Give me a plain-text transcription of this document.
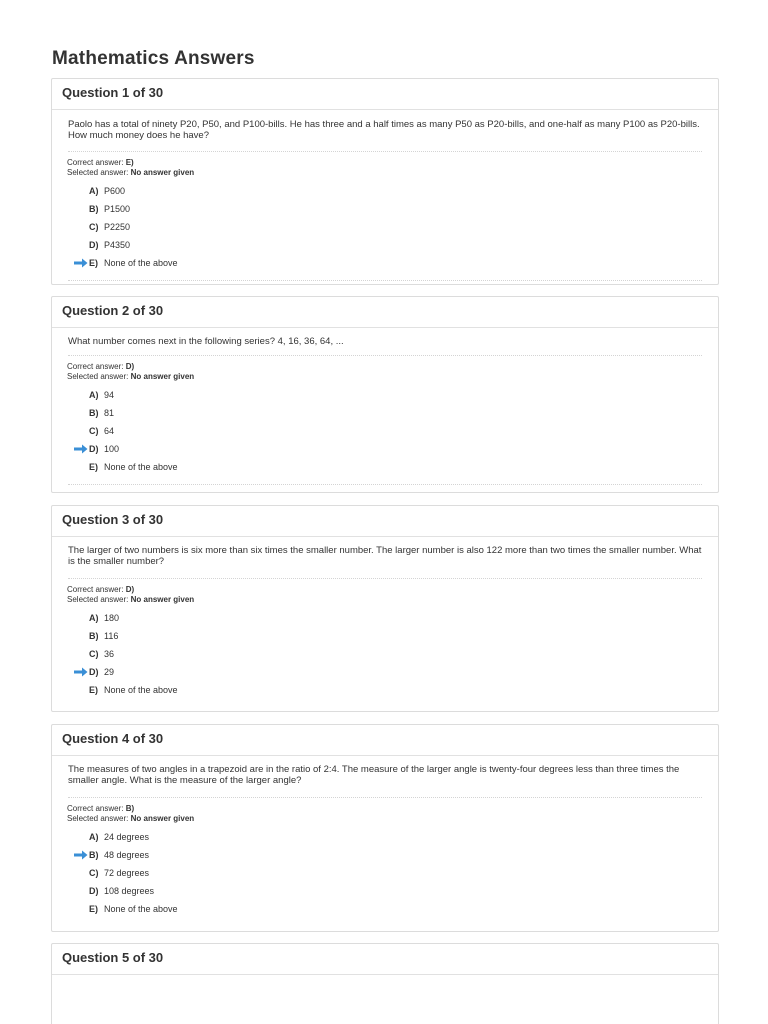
Mathematics Answers
Question 1 of 30
Paolo has a total of ninety P20, P50, and P100-bills. He has three and a half times as many P50 as P20-bills, and one-half as many P100 as P20-bills. How much money does he have?
Correct answer: E)
Selected answer: No answer given
A) P600
B) P1500
C) P2250
D) P4350
E) None of the above
Question 2 of 30
What number comes next in the following series? 4, 16, 36, 64, ...
Correct answer: D)
Selected answer: No answer given
A) 94
B) 81
C) 64
D) 100
E) None of the above
Question 3 of 30
The larger of two numbers is six more than six times the smaller number. The larger number is also 122 more than two times the smaller number. What is the smaller number?
Correct answer: D)
Selected answer: No answer given
A) 180
B) 116
C) 36
D) 29
E) None of the above
Question 4 of 30
The measures of two angles in a trapezoid are in the ratio of 2:4. The measure of the larger angle is twenty-four degrees less than three times the smaller angle. What is the measure of the larger angle?
Correct answer: B)
Selected answer: No answer given
A) 24 degrees
B) 48 degrees
C) 72 degrees
D) 108 degrees
E) None of the above
Question 5 of 30
